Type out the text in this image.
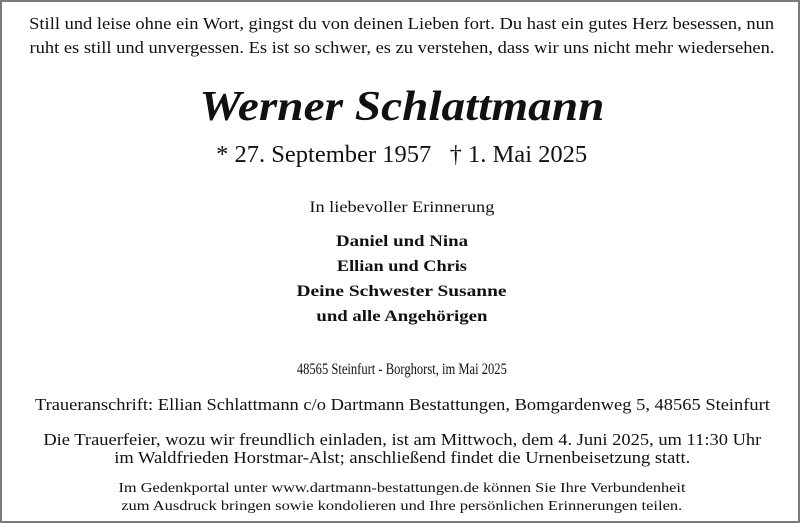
Still und leise ohne ein Wort, gingst du von deinen Lieben fort. Du hast ein gutes Herz besessen, nun
ruht es still und unvergessen. Es ist so schwer, es zu verstehen, dass wir uns nicht mehr wiedersehen.
Werner Schlattmann
* 27. September 1957   † 1. Mai 2025
In liebevoller Erinnerung
Daniel und Nina
Ellian und Chris
Deine Schwester Susanne
und alle Angehörigen
48565 Steinfurt - Borghorst, im Mai 2025
Traueranschrift: Ellian Schlattmann c/o Dartmann Bestattungen, Bomgardenweg 5, 48565 Steinfurt
Die Trauerfeier, wozu wir freundlich einladen, ist am Mittwoch, dem 4. Juni 2025, um 11:30 Uhr
im Waldfrieden Horstmar-Alst; anschließend findet die Urnenbeisetzung statt.
Im Gedenkportal unter www.dartmann-bestattungen.de können Sie Ihre Verbundenheit
zum Ausdruck bringen sowie kondolieren und Ihre persönlichen Erinnerungen teilen.
